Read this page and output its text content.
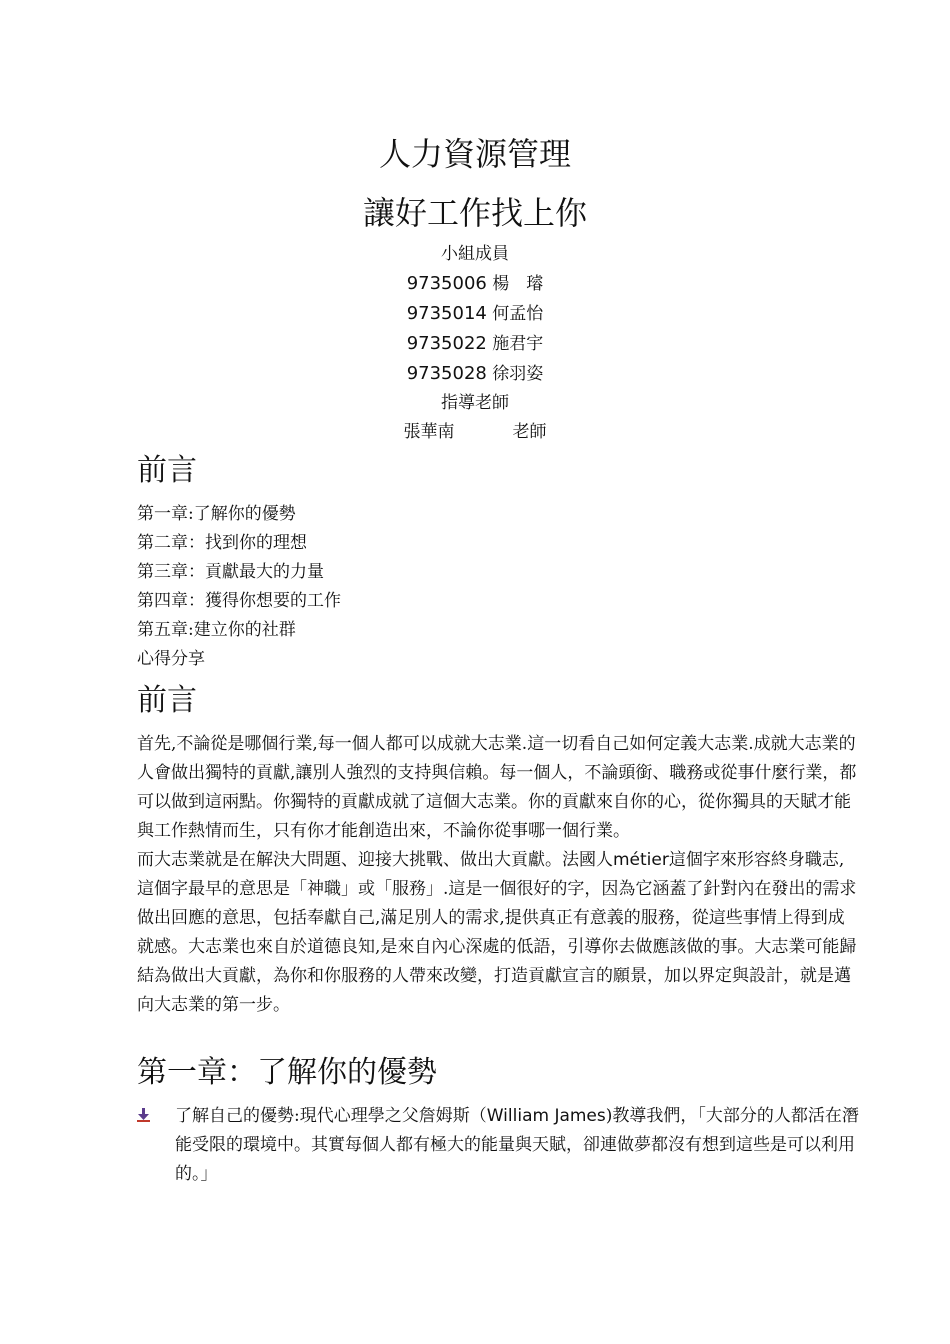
人力資源管理
讓好工作找上你
小組成員
9735006 楊　璿
9735014 何孟怡
9735022 施君宇
9735028 徐羽姿
指導老師
張華南	老師
前言
第一章:了解你的優勢
第二章：找到你的理想
第三章：貢獻最大的力量
第四章：獲得你想要的工作
第五章:建立你的社群
心得分享
前言

首先,不論從是哪個行業,每一個人都可以成就大志業.這一切看自己如何定義大志業.成就大志業的人會做出獨特的貢獻,讓別人強烈的支持與信賴。每一個人，不論頭銜、職務或從事什麼行業，都可以做到這兩點。你獨特的貢獻成就了這個大志業。你的貢獻來自你的心，從你獨具的天賦才能與工作熱情而生，只有你才能創造出來，不論你從事哪一個行業。

而大志業就是在解決大問題、迎接大挑戰、做出大貢獻。法國人métier這個字來形容終身職志,這個字最早的意思是「神職」或「服務」.這是一個很好的字，因為它涵蓋了針對內在發出的需求做出回應的意思，包括奉獻自己,滿足別人的需求,提供真正有意義的服務，從這些事情上得到成就感。大志業也來自於道德良知,是來自內心深處的低語，引導你去做應該做的事。大志業可能歸結為做出大貢獻，為你和你服務的人帶來改變，打造貢獻宣言的願景，加以界定與設計，就是邁向大志業的第一步。

第一章：了解你的優勢
了解自己的優勢:現代心理學之父詹姆斯（William James)教導我們，「大部分的人都活在潛能受限的環境中。其實每個人都有極大的能量與天賦，卻連做夢都沒有想到這些是可以利用的。」
